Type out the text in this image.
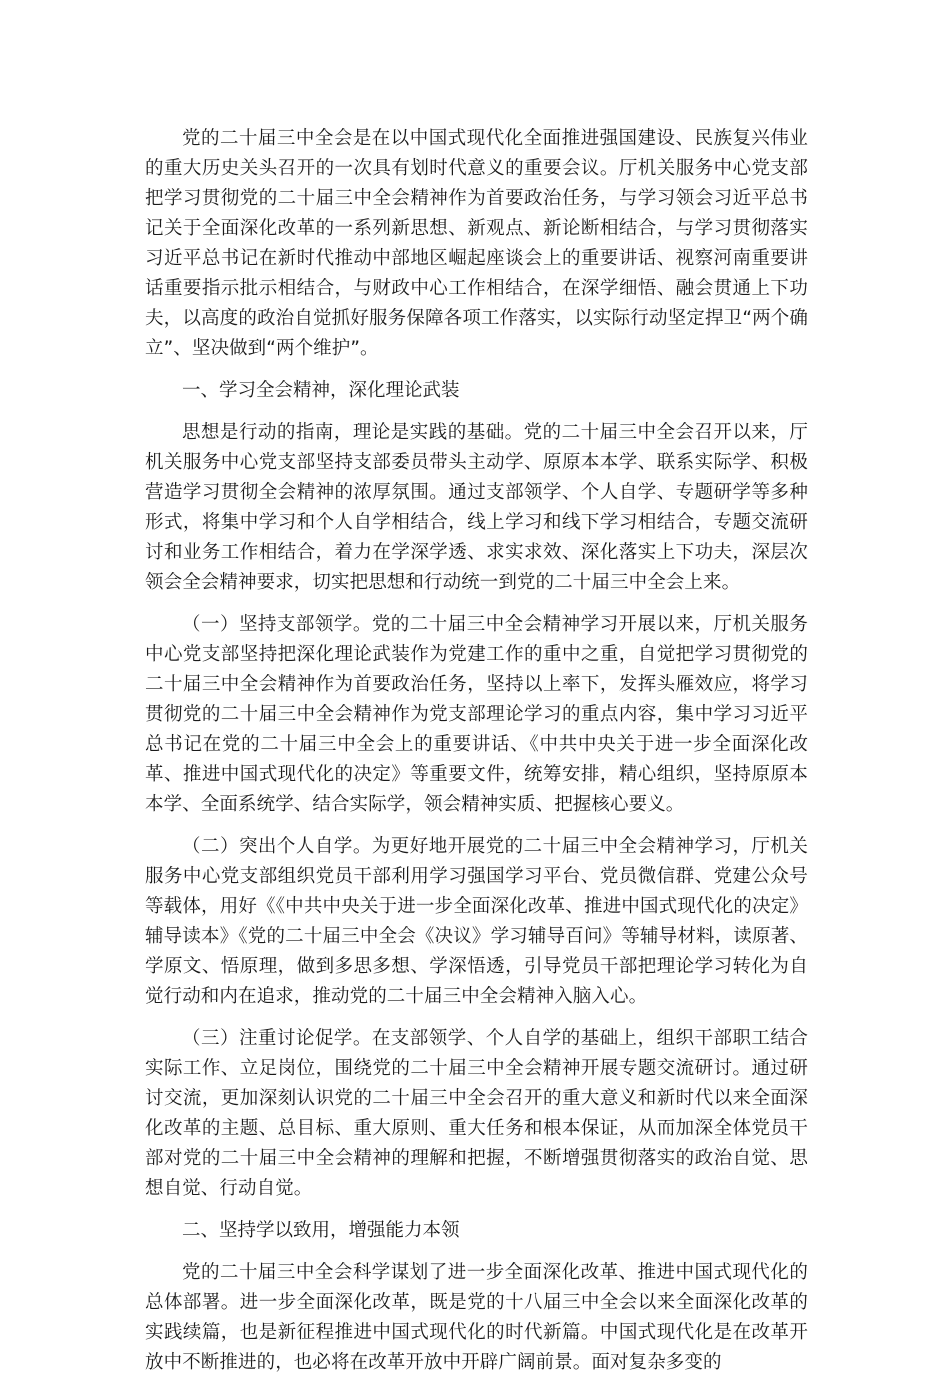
党的二十届三中全会是在以中国式现代化全面推进强国建设、民族复兴伟业的重大历史关头召开的一次具有划时代意义的重要会议。厅机关服务中心党支部把学习贯彻党的二十届三中全会精神作为首要政治任务，与学习领会习近平总书记关于全面深化改革的一系列新思想、新观点、新论断相结合，与学习贯彻落实习近平总书记在新时代推动中部地区崛起座谈会上的重要讲话、视察河南重要讲话重要指示批示相结合，与财政中心工作相结合，在深学细悟、融会贯通上下功夫，以高度的政治自觉抓好服务保障各项工作落实，以实际行动坚定捍卫“两个确立”、坚决做到“两个维护”。

一、学习全会精神，深化理论武装

思想是行动的指南，理论是实践的基础。党的二十届三中全会召开以来，厅机关服务中心党支部坚持支部委员带头主动学、原原本本学、联系实际学、积极营造学习贯彻全会精神的浓厚氛围。通过支部领学、个人自学、专题研学等多种形式，将集中学习和个人自学相结合，线上学习和线下学习相结合，专题交流研讨和业务工作相结合，着力在学深学透、求实求效、深化落实上下功夫，深层次领会全会精神要求，切实把思想和行动统一到党的二十届三中全会上来。

（一）坚持支部领学。党的二十届三中全会精神学习开展以来，厅机关服务中心党支部坚持把深化理论武装作为党建工作的重中之重，自觉把学习贯彻党的二十届三中全会精神作为首要政治任务，坚持以上率下，发挥头雁效应，将学习贯彻党的二十届三中全会精神作为党支部理论学习的重点内容，集中学习习近平总书记在党的二十届三中全会上的重要讲话、《中共中央关于进一步全面深化改革、推进中国式现代化的决定》等重要文件，统筹安排，精心组织，坚持原原本本学、全面系统学、结合实际学，领会精神实质、把握核心要义。

（二）突出个人自学。为更好地开展党的二十届三中全会精神学习，厅机关服务中心党支部组织党员干部利用学习强国学习平台、党员微信群、党建公众号等载体，用好《《中共中央关于进一步全面深化改革、推进中国式现代化的决定》辅导读本》《党的二十届三中全会《决议》学习辅导百问》等辅导材料，读原著、学原文、悟原理，做到多思多想、学深悟透，引导党员干部把理论学习转化为自觉行动和内在追求，推动党的二十届三中全会精神入脑入心。

（三）注重讨论促学。在支部领学、个人自学的基础上，组织干部职工结合实际工作、立足岗位，围绕党的二十届三中全会精神开展专题交流研讨。通过研讨交流，更加深刻认识党的二十届三中全会召开的重大意义和新时代以来全面深化改革的主题、总目标、重大原则、重大任务和根本保证，从而加深全体党员干部对党的二十届三中全会精神的理解和把握，不断增强贯彻落实的政治自觉、思想自觉、行动自觉。

二、坚持学以致用，增强能力本领

党的二十届三中全会科学谋划了进一步全面深化改革、推进中国式现代化的总体部署。进一步全面深化改革，既是党的十八届三中全会以来全面深化改革的实践续篇，也是新征程推进中国式现代化的时代新篇。中国式现代化是在改革开放中不断推进的，也必将在改革开放中开辟广阔前景。面对复杂多变的
